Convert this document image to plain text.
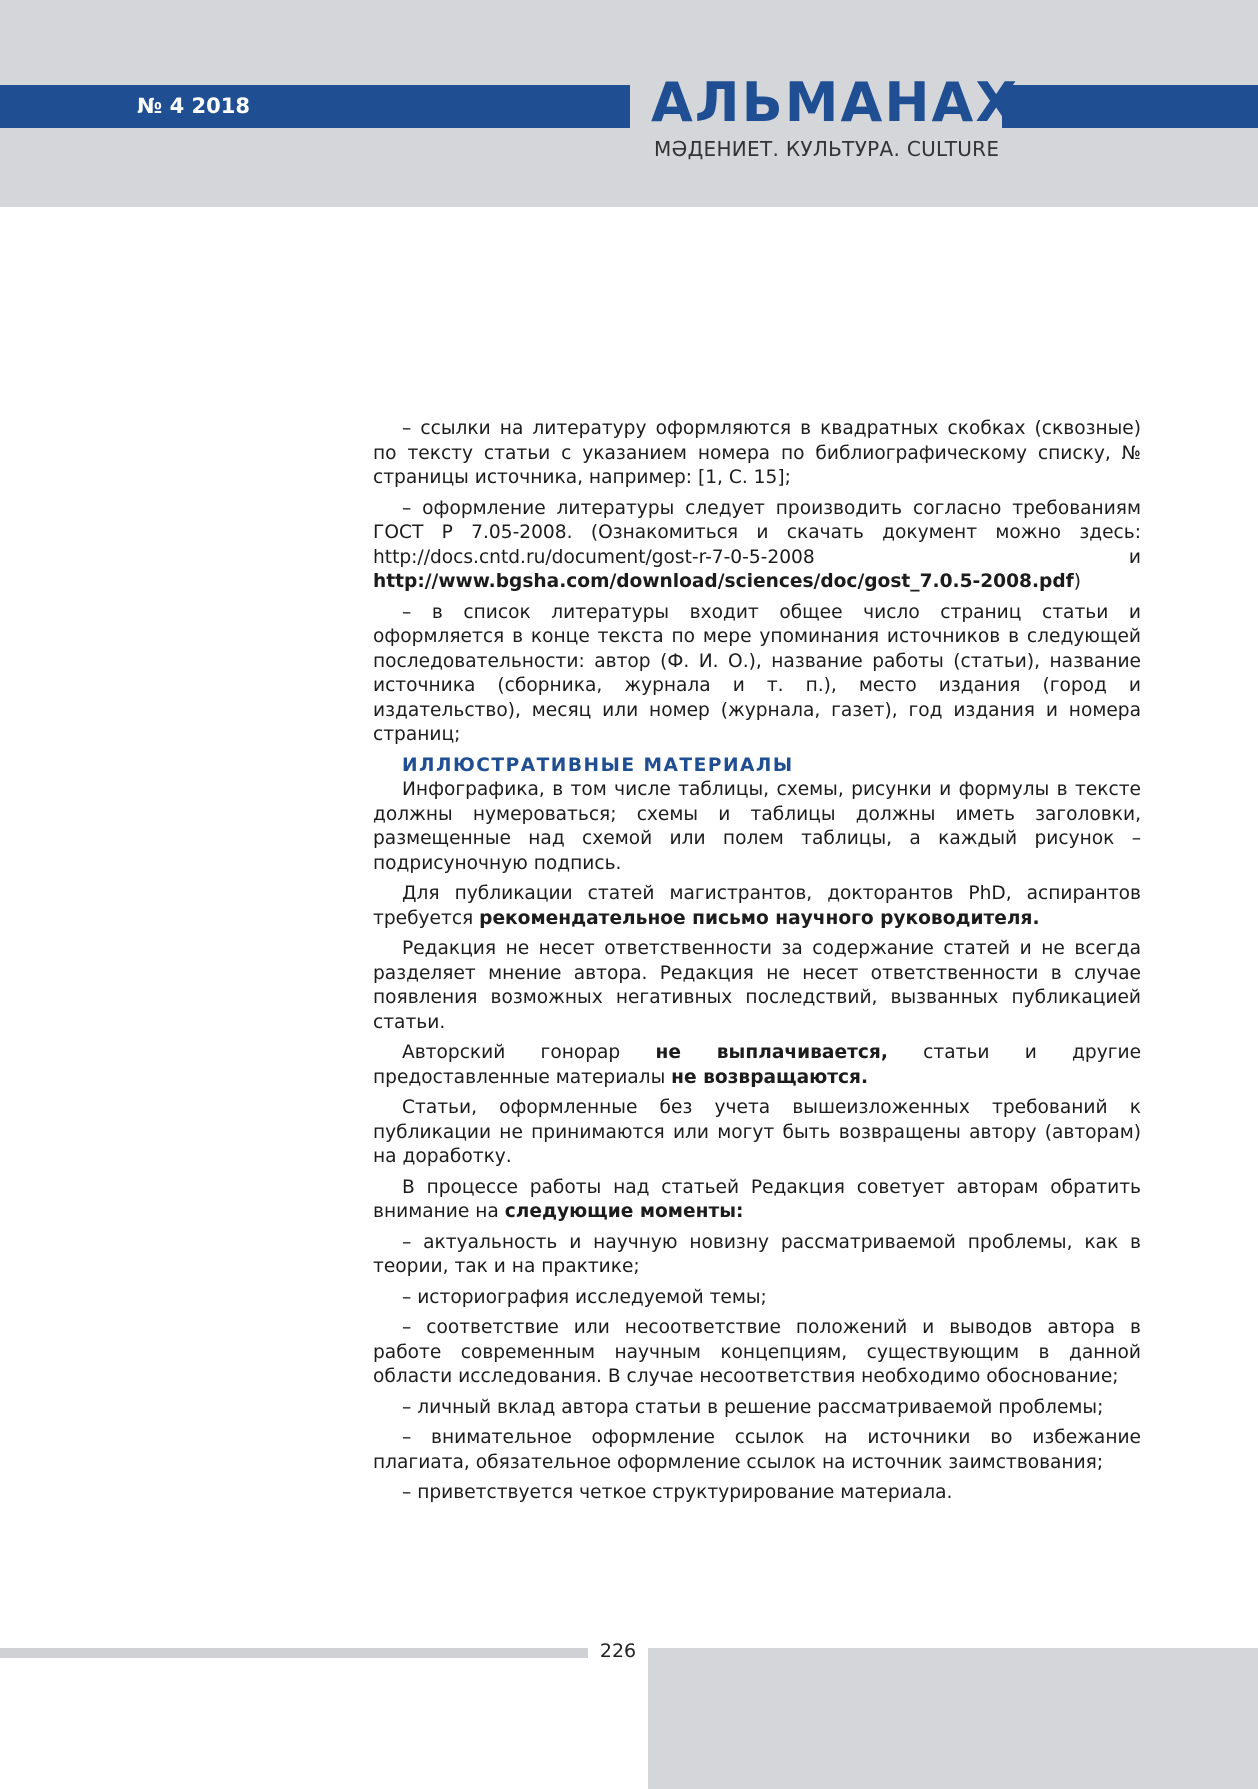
№ 4 2018	АЛЬМАНАХ
МӘДЕНИЕТ. КУЛЬТУРА. CULTURE

– ссылки на литературу оформляются в квадратных скобках (сквозные) по тексту статьи с указанием номера по библиографическому списку, № страницы источника, например: [1, С. 15];

– оформление литературы следует производить согласно требованиям ГОСТ Р 7.05-2008. (Ознакомиться и скачать документ можно здесь: http://docs.cntd.ru/document/gost-r-7-0-5-2008 и http://www.bgsha.com/download/sciences/doc/gost_7.0.5-2008.pdf)

– в список литературы входит общее число страниц статьи и оформляется в конце текста по мере упоминания источников в следующей последовательности: автор (Ф. И. О.), название работы (статьи), название источника (сборника, журнала и т. п.), место издания (город и издательство), месяц или номер (журнала, газет), год издания и номера страниц;

ИЛЛЮСТРАТИВНЫЕ МАТЕРИАЛЫ

Инфографика, в том числе таблицы, схемы, рисунки и формулы в тексте должны нумероваться; схемы и таблицы должны иметь заголовки, размещенные над схемой или полем таблицы, а каждый рисунок – подрисуночную подпись.

Для публикации статей магистрантов, докторантов PhD, аспирантов требуется рекомендательное письмо научного руководителя.

Редакция не несет ответственности за содержание статей и не всегда разделяет мнение автора. Редакция не несет ответственности в случае появления возможных негативных последствий, вызванных публикацией статьи.

Авторский гонорар не выплачивается, статьи и другие предоставленные материалы не возвращаются.

Статьи, оформленные без учета вышеизложенных требований к публикации не принимаются или могут быть возвращены автору (авторам) на доработку.

В процессе работы над статьей Редакция советует авторам обратить внимание на следующие моменты:

– актуальность и научную новизну рассматриваемой проблемы, как в теории, так и на практике;

– историография исследуемой темы;

– соответствие или несоответствие положений и выводов автора в работе современным научным концепциям, существующим в данной области исследования. В случае несоответствия необходимо обоснование;

– личный вклад автора статьи в решение рассматриваемой проблемы;

– внимательное оформление ссылок на источники во избежание плагиата, обязательное оформление ссылок на источник заимствования;

– приветствуется четкое структурирование материала.

226
